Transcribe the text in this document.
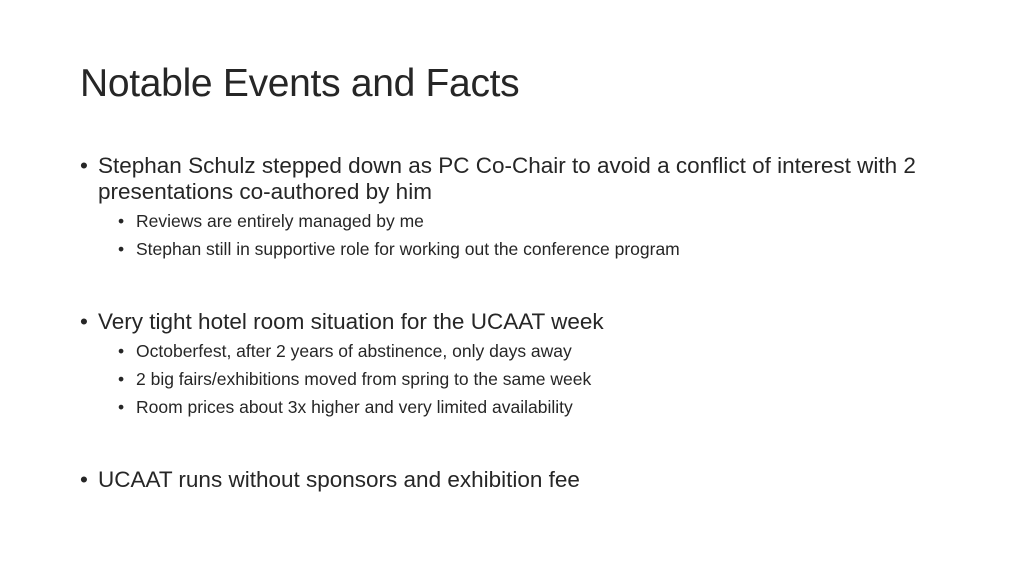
Notable Events and Facts
• Stephan Schulz stepped down as PC Co-Chair to avoid a conflict of interest with 2 presentations co-authored by him
• Reviews are entirely managed by me
• Stephan still in supportive role for working out the conference program
• Very tight hotel room situation for the UCAAT week
• Octoberfest, after 2 years of abstinence, only days away
• 2 big fairs/exhibitions moved from spring to the same week
• Room prices about 3x higher and very limited availability
• UCAAT runs without sponsors and exhibition fee
